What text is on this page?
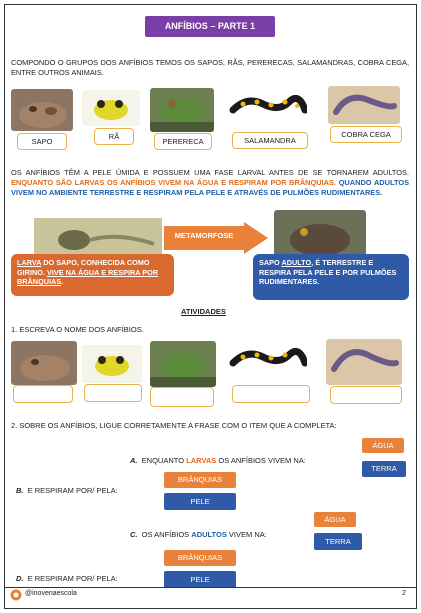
ANFÍBIOS – PARTE 1
COMPONDO O GRUPOS DOS ANFÍBIOS TEMOS OS SAPOS, RÃS, PERERECAS, SALAMANDRAS, COBRA CEGA, ENTRE OUTROS ANIMAIS.
SAPO
RÃ
PERERECA	SALAMANDRA
COBRA CEGA
OS ANFÍBIOS TÊM A PELE ÚMIDA E POSSUEM UMA FASE LARVAL ANTES DE SE TORNAREM ADULTOS. ENQUANTO SÃO LARVAS OS ANFÍBIOS VIVEM NA ÁGUA E RESPIRAM POR BRÂNQUIAS. QUANDO ADULTOS VIVEM NO AMBIENTE TERRESTRE E RESPIRAM PELA PELE E ATRAVÉS DE PULMÕES RUDIMENTARES.
METAMORFOSE
LARVA DO SAPO, CONHECIDA COMO GIRINO. VIVE NA ÁGUA E RESPIRA POR BRÂNQUIAS.
SAPO ADULTO, É TERRESTRE E RESPIRA PELA PELE E POR PULMÕES RUDIMENTARES.
ATIVIDADES
1. ESCREVA O NOME DOS ANFÍBIOS.
2. SOBRE OS ANFÍBIOS, LIGUE CORRETAMENTE A FRASE COM O ITEM QUE A COMPLETA:
A. ENQUANTO LARVAS OS ANFÍBIOS VIVEM NA:
ÁGUA
TERRA
B. E RESPIRAM POR/ PELA:
BRÂNQUIAS
PELE
C. OS ANFÍBIOS ADULTOS VIVEM NA:
ÁGUA
TERRA
D. E RESPIRAM POR/ PELA:
BRÂNQUIAS
PELE
@inovenaescola	2
